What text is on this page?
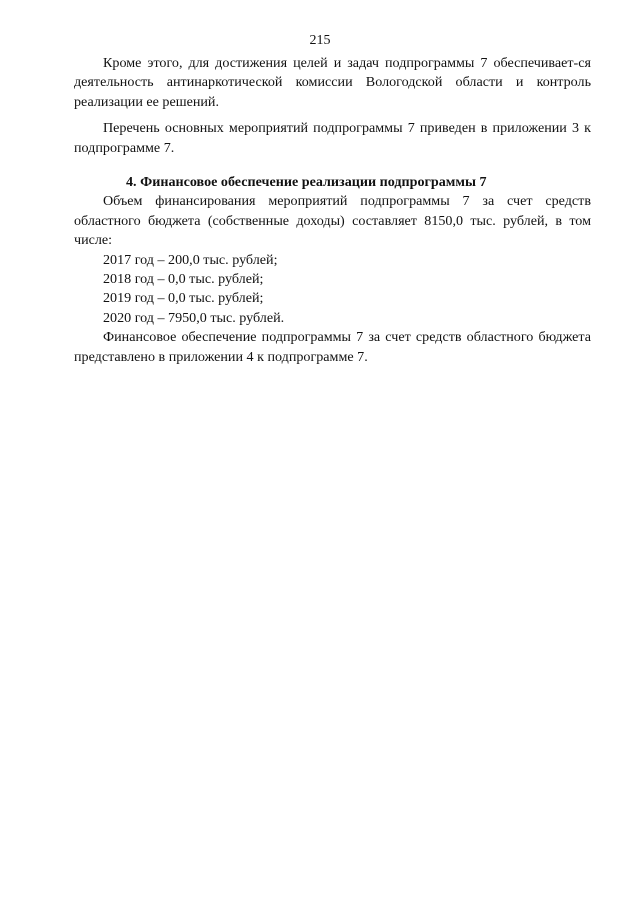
215

Кроме этого, для достижения целей и задач подпрограммы 7 обеспечивает-ся деятельность антинаркотической комиссии Вологодской области и контроль реализации ее решений.

Перечень основных мероприятий подпрограммы 7 приведен в приложении 3 к подпрограмме 7.

4. Финансовое обеспечение реализации подпрограммы 7

Объем финансирования мероприятий подпрограммы 7 за счет средств областного бюджета (собственные доходы) составляет 8150,0 тыс. рублей, в том числе:

2017 год – 200,0 тыс. рублей;
2018 год – 0,0 тыс. рублей;
2019 год – 0,0 тыс. рублей;
2020 год – 7950,0 тыс. рублей.

Финансовое обеспечение подпрограммы 7 за счет средств областного бюджета представлено в приложении 4 к подпрограмме 7.
